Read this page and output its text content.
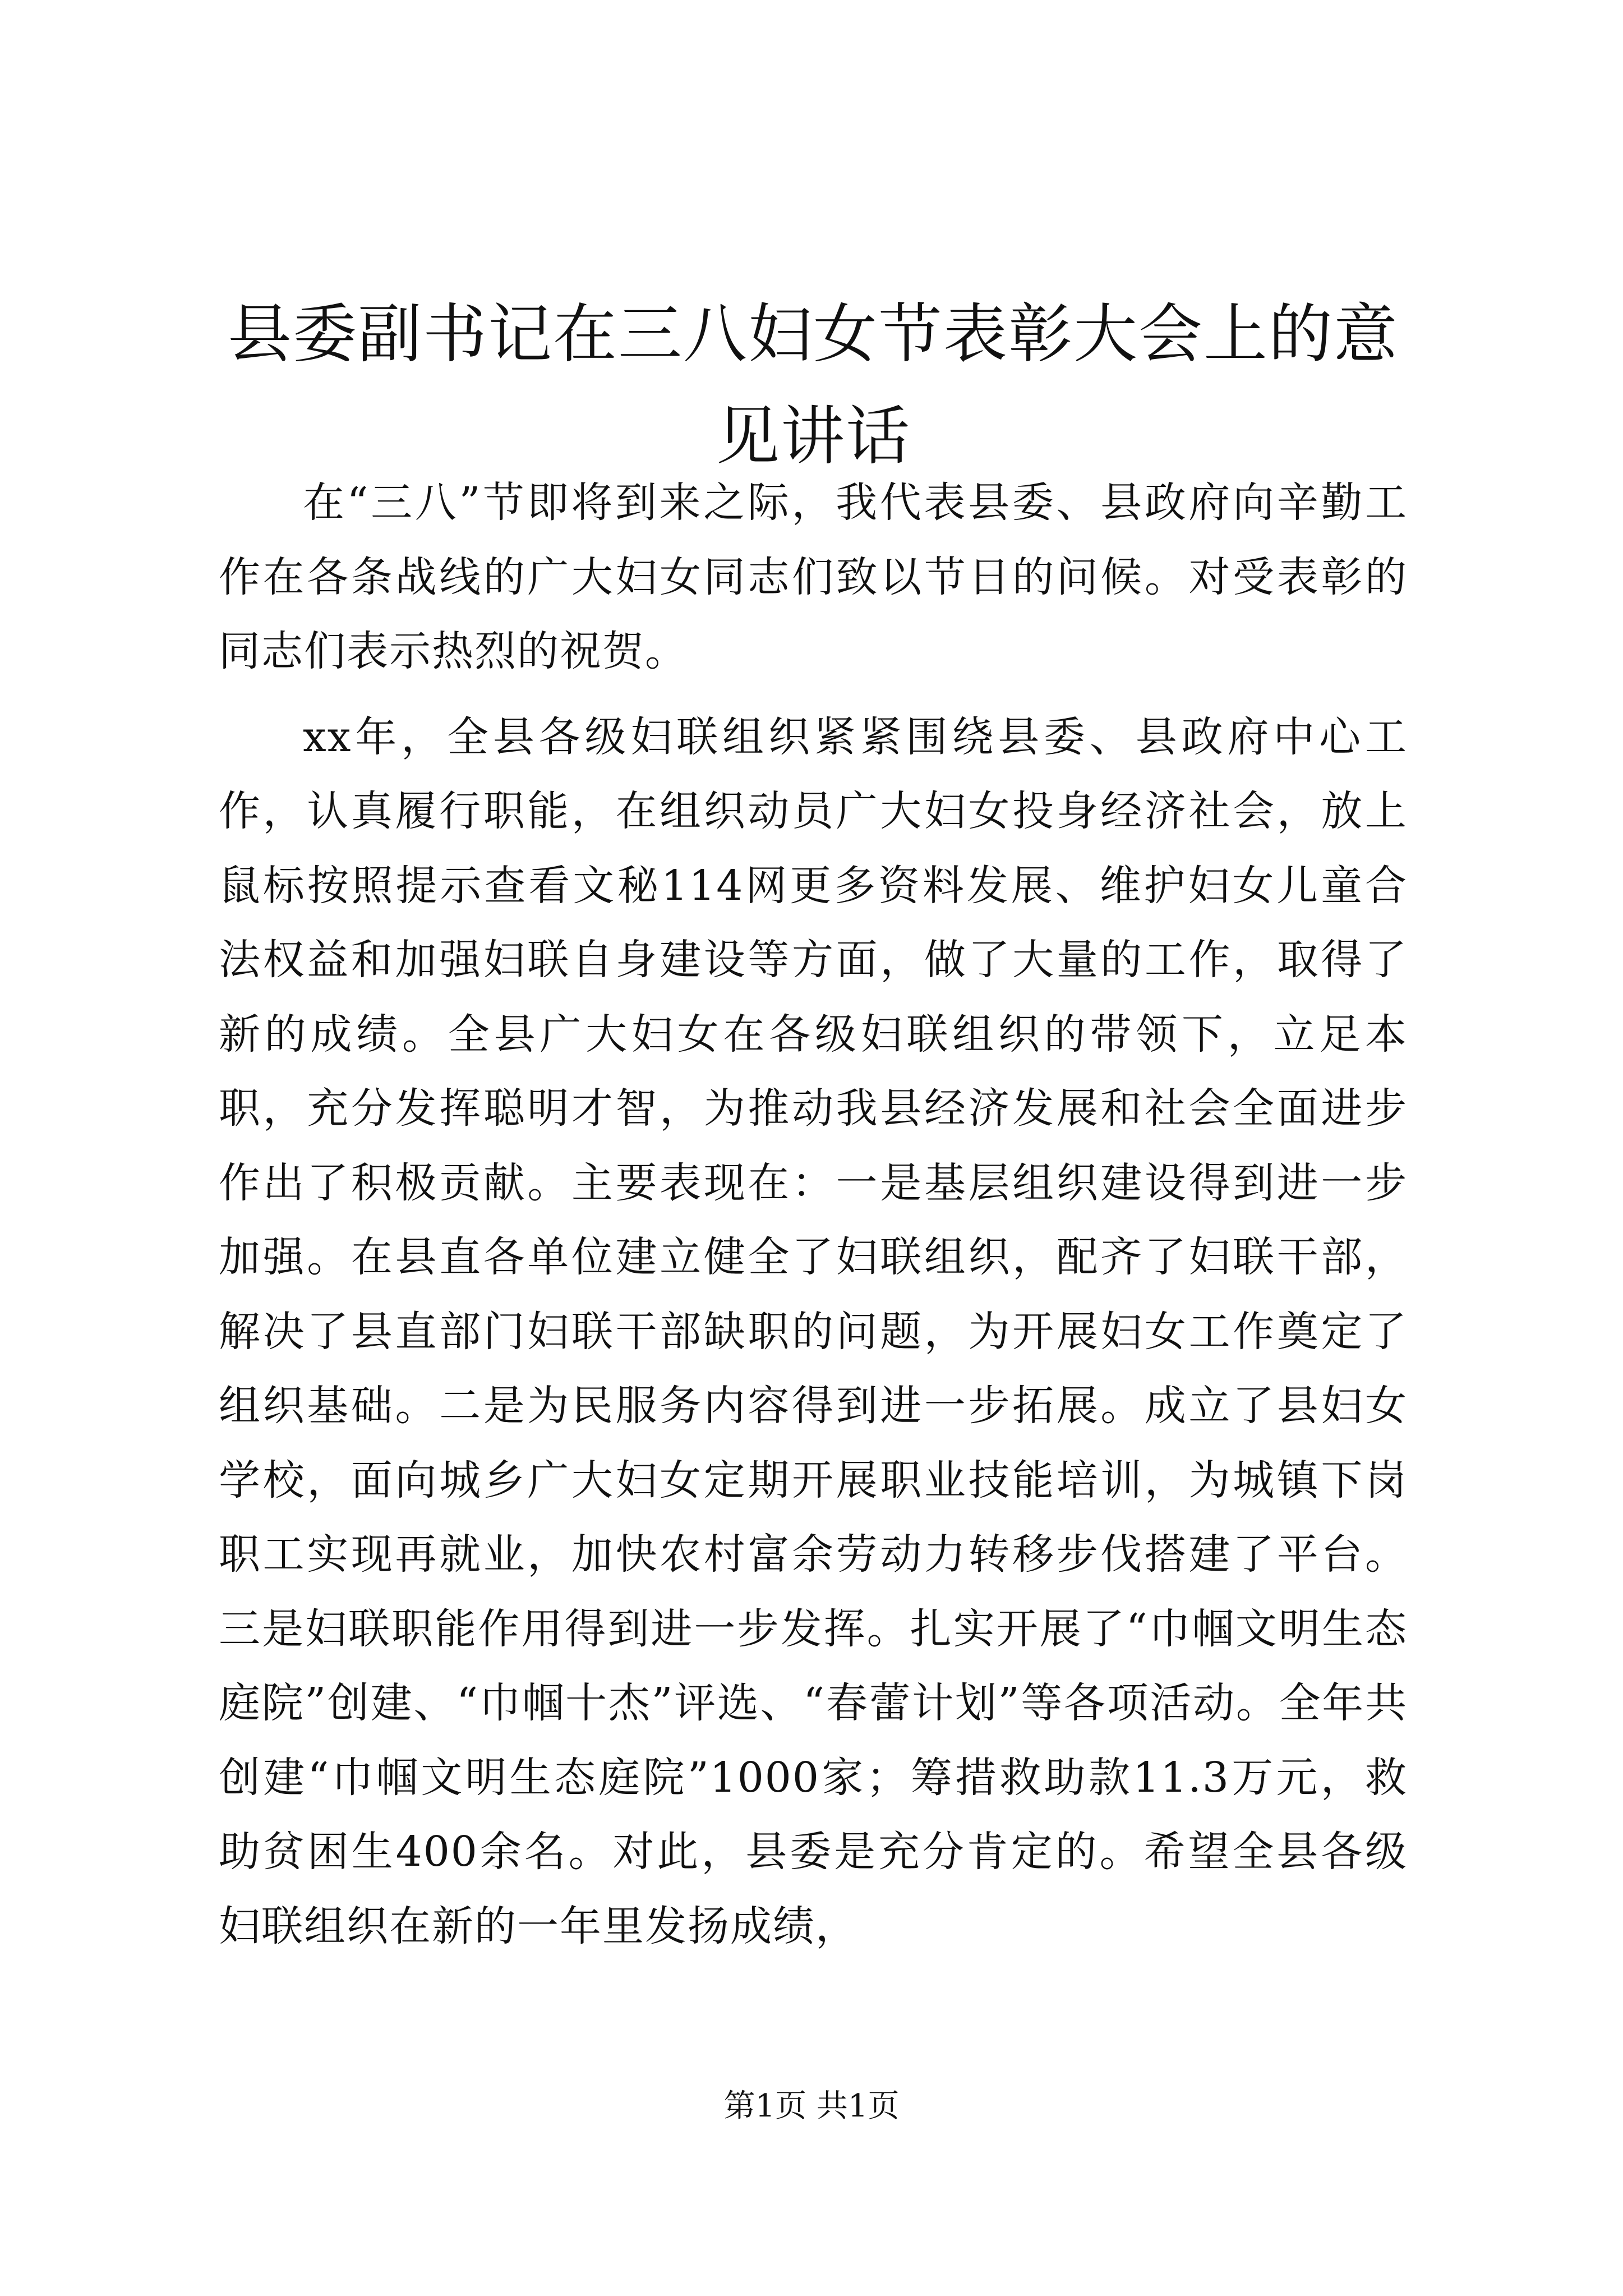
县委副书记在三八妇女节表彰大会上的意见讲话

在“三八”节即将到来之际，我代表县委、县政府向辛勤工作在各条战线的广大妇女同志们致以节日的问候。对受表彰的同志们表示热烈的祝贺。

xx年，全县各级妇联组织紧紧围绕县委、县政府中心工作，认真履行职能，在组织动员广大妇女投身经济社会，放上鼠标按照提示查看文秘114网更多资料发展、维护妇女儿童合法权益和加强妇联自身建设等方面，做了大量的工作，取得了新的成绩。全县广大妇女在各级妇联组织的带领下，立足本职，充分发挥聪明才智，为推动我县经济发展和社会全面进步作出了积极贡献。主要表现在：一是基层组织建设得到进一步加强。在县直各单位建立健全了妇联组织，配齐了妇联干部，解决了县直部门妇联干部缺职的问题，为开展妇女工作奠定了组织基础。二是为民服务内容得到进一步拓展。成立了县妇女学校，面向城乡广大妇女定期开展职业技能培训，为城镇下岗职工实现再就业，加快农村富余劳动力转移步伐搭建了平台。三是妇联职能作用得到进一步发挥。扎实开展了“巾帼文明生态庭院”创建、“巾帼十杰”评选、“春蕾计划”等各项活动。全年共创建“巾帼文明生态庭院”1000家；筹措救助款11.3万元，救助贫困生400余名。对此，县委是充分肯定的。希望全县各级妇联组织在新的一年里发扬成绩，

第1页 共1页
